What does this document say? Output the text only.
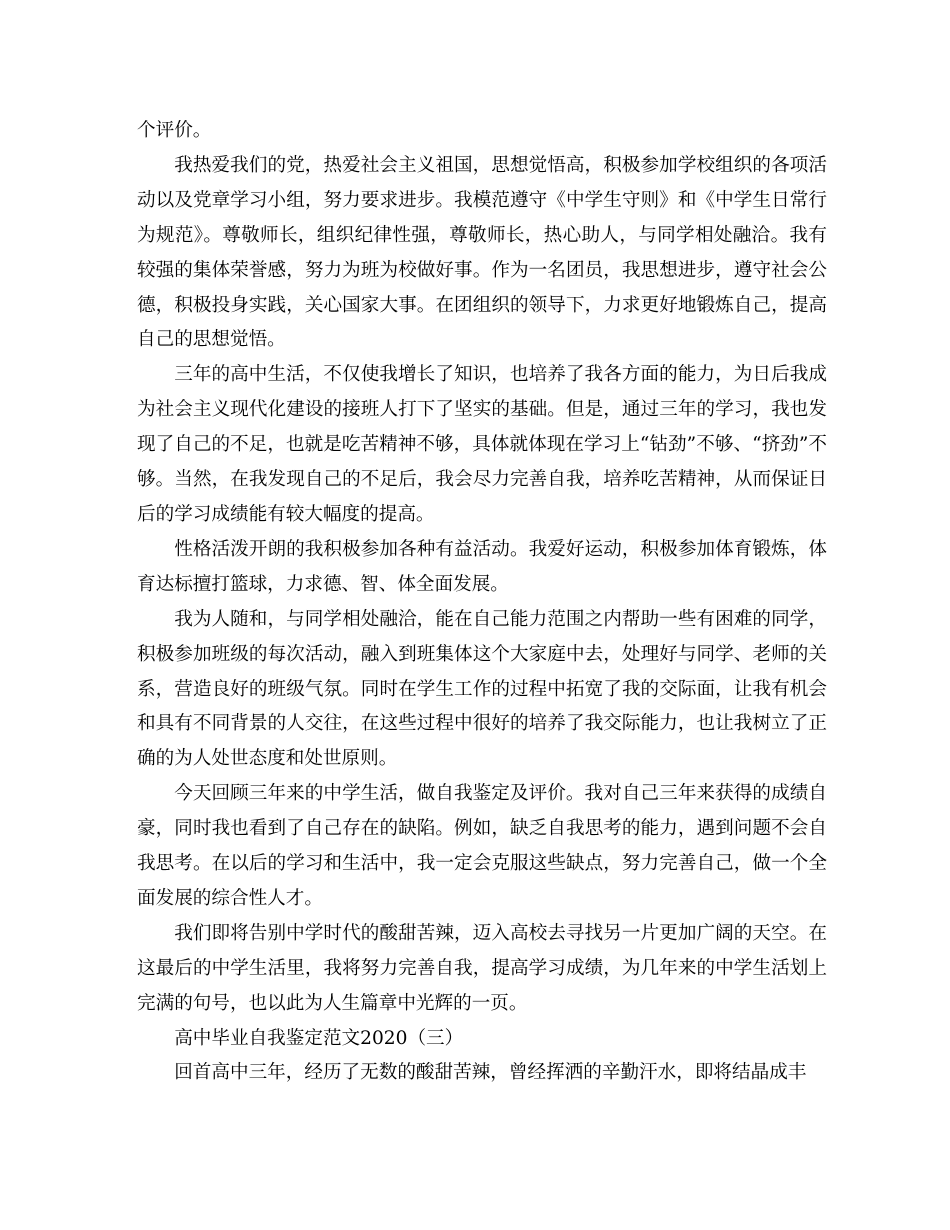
个评价。

我热爱我们的党，热爱社会主义祖国，思想觉悟高，积极参加学校组织的各项活动以及党章学习小组，努力要求进步。我模范遵守《中学生守则》和《中学生日常行为规范》。尊敬师长，组织纪律性强，尊敬师长，热心助人，与同学相处融洽。我有较强的集体荣誉感，努力为班为校做好事。作为一名团员，我思想进步，遵守社会公德，积极投身实践，关心国家大事。在团组织的领导下，力求更好地锻炼自己，提高自己的思想觉悟。

三年的高中生活，不仅使我增长了知识，也培养了我各方面的能力，为日后我成为社会主义现代化建设的接班人打下了坚实的基础。但是，通过三年的学习，我也发现了自己的不足，也就是吃苦精神不够，具体就体现在学习上“钻劲”不够、“挤劲”不够。当然，在我发现自己的不足后，我会尽力完善自我，培养吃苦精神，从而保证日后的学习成绩能有较大幅度的提高。

性格活泼开朗的我积极参加各种有益活动。我爱好运动，积极参加体育锻炼，体育达标擅打篮球，力求德、智、体全面发展。

我为人随和，与同学相处融洽，能在自己能力范围之内帮助一些有困难的同学，积极参加班级的每次活动，融入到班集体这个大家庭中去，处理好与同学、老师的关系，营造良好的班级气氛。同时在学生工作的过程中拓宽了我的交际面，让我有机会和具有不同背景的人交往，在这些过程中很好的培养了我交际能力，也让我树立了正确的为人处世态度和处世原则。

今天回顾三年来的中学生活，做自我鉴定及评价。我对自己三年来获得的成绩自豪，同时我也看到了自己存在的缺陷。例如，缺乏自我思考的能力，遇到问题不会自我思考。在以后的学习和生活中，我一定会克服这些缺点，努力完善自己，做一个全面发展的综合性人才。

我们即将告别中学时代的酸甜苦辣，迈入高校去寻找另一片更加广阔的天空。在这最后的中学生活里，我将努力完善自我，提高学习成绩，为几年来的中学生活划上完满的句号，也以此为人生篇章中光辉的一页。

高中毕业自我鉴定范文2020（三）

回首高中三年，经历了无数的酸甜苦辣，曾经挥洒的辛勤汗水，即将结晶成丰
